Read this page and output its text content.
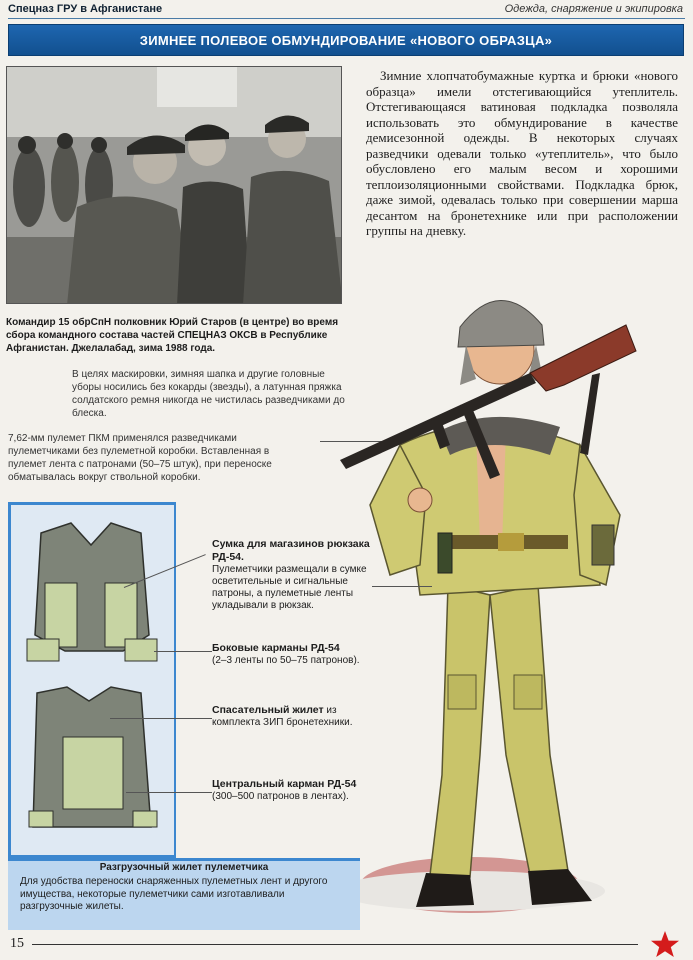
Спецназ ГРУ в Афганистане	Одежда, снаряжение и экипировка
ЗИМНЕЕ ПОЛЕВОЕ ОБМУНДИРОВАНИЕ «НОВОГО ОБРАЗЦА»
Командир 15 обрСпН полковник Юрий Старов (в центре) во время сбора командного состава частей СПЕЦНАЗ ОКСВ в Республике Афганистан. Джелалабад, зима 1988 года.
Зимние хлопчатобумажные куртка и брюки «нового образца» имели отстегивающийся утеплитель. Отстегивающаяся ватиновая подкладка позволяла использовать это обмундирование в качестве демисезонной одежды. В некоторых случаях разведчики одевали только «утеплитель», что было обусловлено его малым весом и хорошими теплоизоляционными свойствами. Подкладка брюк, даже зимой, одевалась только при совершении марша десантом на бронетехнике или при расположении группы на дневку.
В целях маскировки, зимняя шапка и другие головные уборы носились без кокарды (звезды), а латунная пряжка солдатского ремня никогда не чистилась разведчиками до блеска.
7,62-мм пулемет ПКМ применялся разведчиками пулеметчиками без пулеметной коробки. Вставленная в пулемет лента с патронами (50–75 штук), при переноске обматывалась вокруг ствольной коробки.
Сумка для магазинов рюкзака РД-54.
Пулеметчики размещали в сумке осветительные и сигнальные патроны, а пулеметные ленты укладывали в рюкзак.
Боковые карманы РД-54
(2–3 ленты по 50–75 патронов).
Спасательный жилет из комплекта ЗИП бронетехники.
Центральный карман РД-54
(300–500 патронов в лентах).
Разгрузочный жилет пулеметчика
Для удобства переноски снаряженных пулеметных лент и другого имущества, некоторые пулеметчики сами изготавливали разгрузочные жилеты.
15
